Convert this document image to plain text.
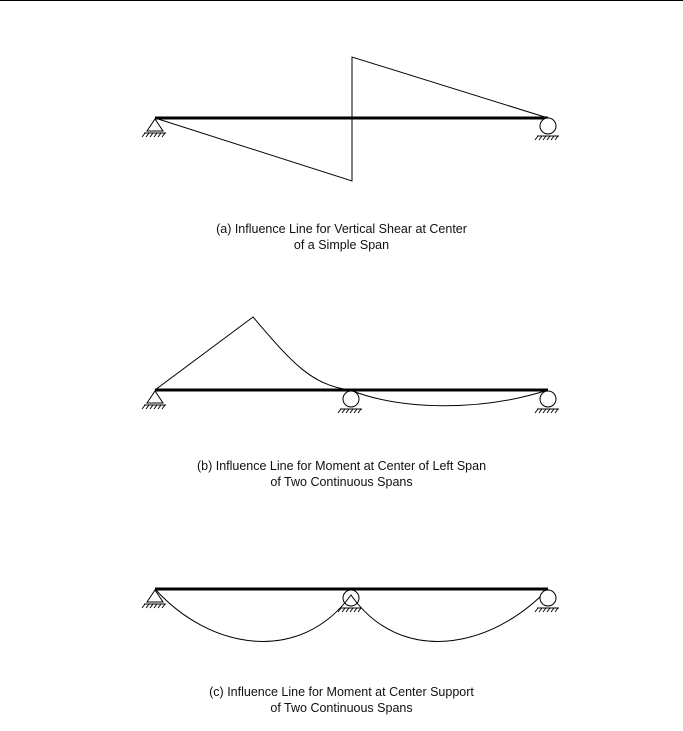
(a) Influence Line for Vertical Shear at Center
of a Simple Span
(b) Influence Line for Moment at Center of Left Span
of Two Continuous Spans
(c) Influence Line for Moment at Center Support
of Two Continuous Spans
